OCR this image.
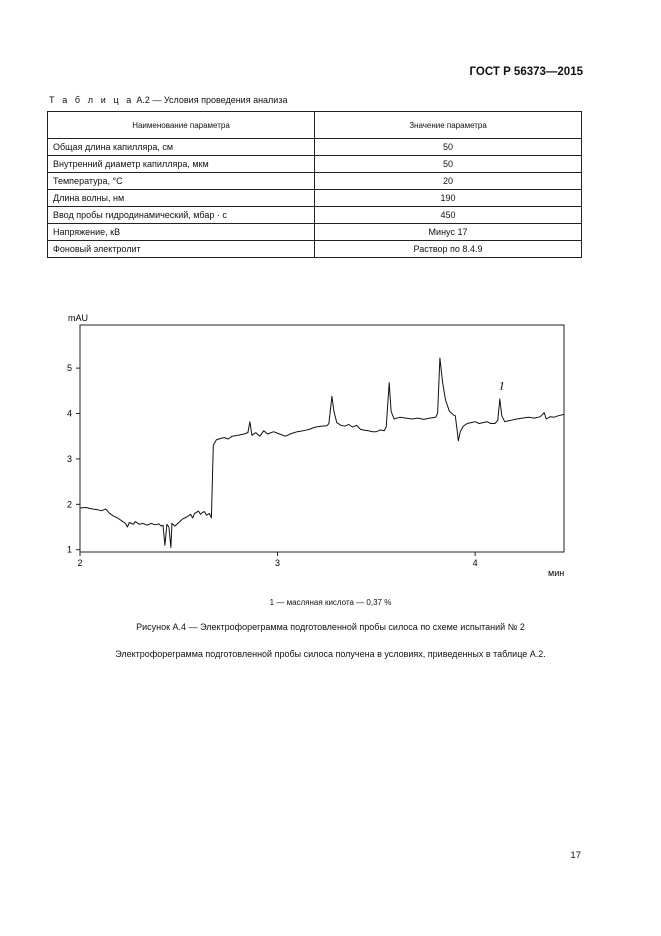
ГОСТ Р 56373—2015
Т а б л и ц а А.2 — Условия проведения анализа
Наименование параметра	Значение параметра
Общая длина капилляра, см	50
Внутренний диаметр капилляра, мкм	50
Температура, °С	20
Длина волны, нм	190
Ввод пробы гидродинамический, мбар · с	450
Напряжение, кВ	Минус 17
Фоновый электролит	Раствор по 8.4.9
mAU
мин
2	3	4
1
2
3
4
5
1
1 — масляная кислота — 0,37 %
Рисунок А.4 — Электрофореграмма подготовленной пробы силоса по схеме испытаний № 2
Электрофореграмма подготовленной пробы силоса получена в условиях, приведенных в таблице А.2.
17
